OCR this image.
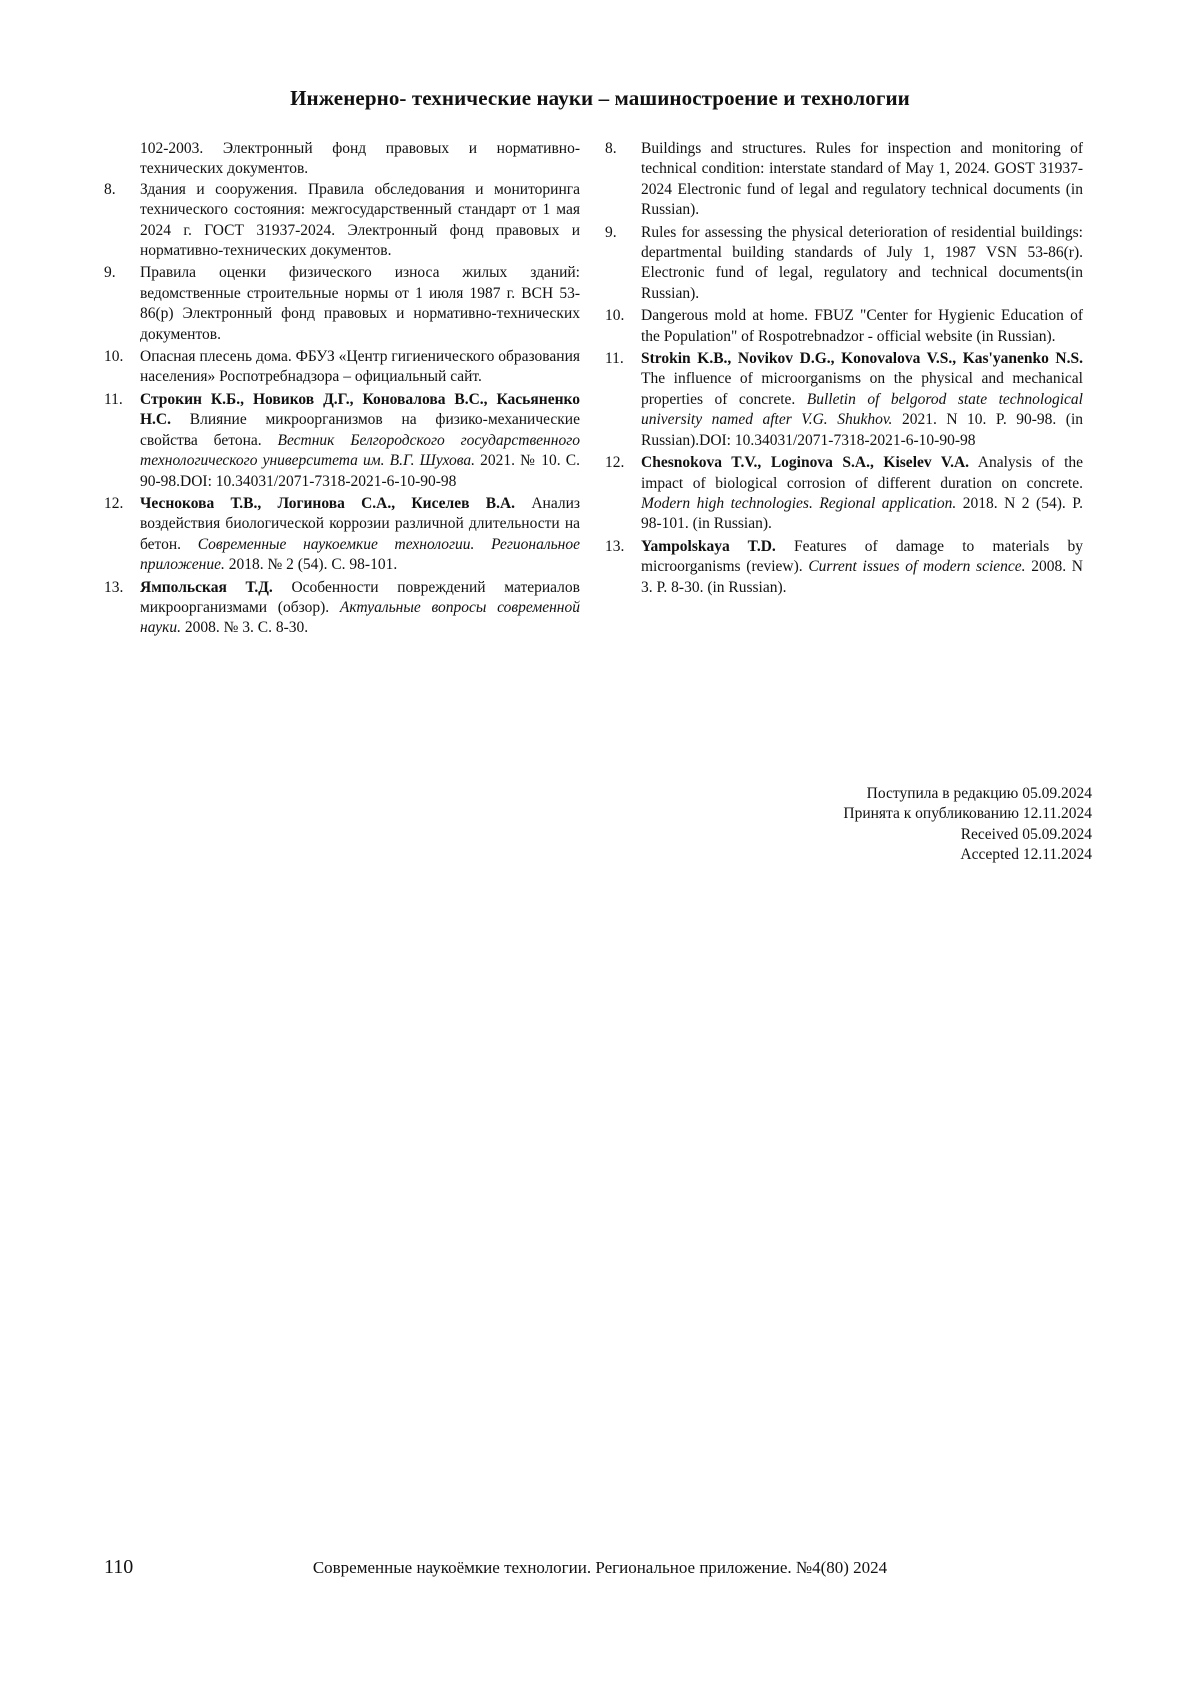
Инженерно- технические науки – машиностроение и технологии
102-2003. Электронный фонд правовых и нормативно-технических документов.
8. Здания и сооружения. Правила обследования и мониторинга технического состояния: межгосударственный стандарт от 1 мая 2024 г. ГОСТ 31937-2024. Электронный фонд правовых и нормативно-технических документов.
9. Правила оценки физического износа жилых зданий: ведомственные строительные нормы от 1 июля 1987 г. ВСН 53-86(р) Электронный фонд правовых и нормативно-технических документов.
10. Опасная плесень дома. ФБУЗ «Центр гигиенического образования населения» Роспотребнадзора – официальный сайт.
11. Строкин К.Б., Новиков Д.Г., Коновалова В.С., Касьяненко Н.С. Влияние микроорганизмов на физико-механические свойства бетона. Вестник Белгородского государственного технологического университета им. В.Г. Шухова. 2021. № 10. С. 90-98.DOI: 10.34031/2071-7318-2021-6-10-90-98
12. Чеснокова Т.В., Логинова С.А., Киселев В.А. Анализ воздействия биологической коррозии различной длительности на бетон. Современные наукоемкие технологии. Региональное приложение. 2018. № 2 (54). С. 98-101.
13. Ямпольская Т.Д. Особенности повреждений материалов микроорганизмами (обзор). Актуальные вопросы современной науки. 2008. № 3. С. 8-30.
8. Buildings and structures. Rules for inspection and monitoring of technical condition: interstate standard of May 1, 2024. GOST 31937-2024 Electronic fund of legal and regulatory technical documents (in Russian).
9. Rules for assessing the physical deterioration of residential buildings: departmental building standards of July 1, 1987 VSN 53-86(r). Electronic fund of legal, regulatory and technical documents(in Russian).
10. Dangerous mold at home. FBUZ "Center for Hygienic Education of the Population" of Rospotrebnadzor - official website (in Russian).
11. Strokin K.B., Novikov D.G., Konovalova V.S., Kas'yanenko N.S. The influence of microorganisms on the physical and mechanical properties of concrete. Bulletin of belgorod state technological university named after V.G. Shukhov. 2021. N 10. P. 90-98. (in Russian).DOI: 10.34031/2071-7318-2021-6-10-90-98
12. Chesnokova T.V., Loginova S.A., Kiselev V.A. Analysis of the impact of biological corrosion of different duration on concrete. Modern high technologies. Regional application. 2018. N 2 (54). P. 98-101. (in Russian).
13. Yampolskaya T.D. Features of damage to materials by microorganisms (review). Current issues of modern science. 2008. N 3. P. 8-30. (in Russian).
Поступила в редакцию 05.09.2024
Принята к опубликованию 12.11.2024
Received 05.09.2024
Accepted 12.11.2024
110	Современные наукоёмкие технологии. Региональное приложение. №4(80) 2024
